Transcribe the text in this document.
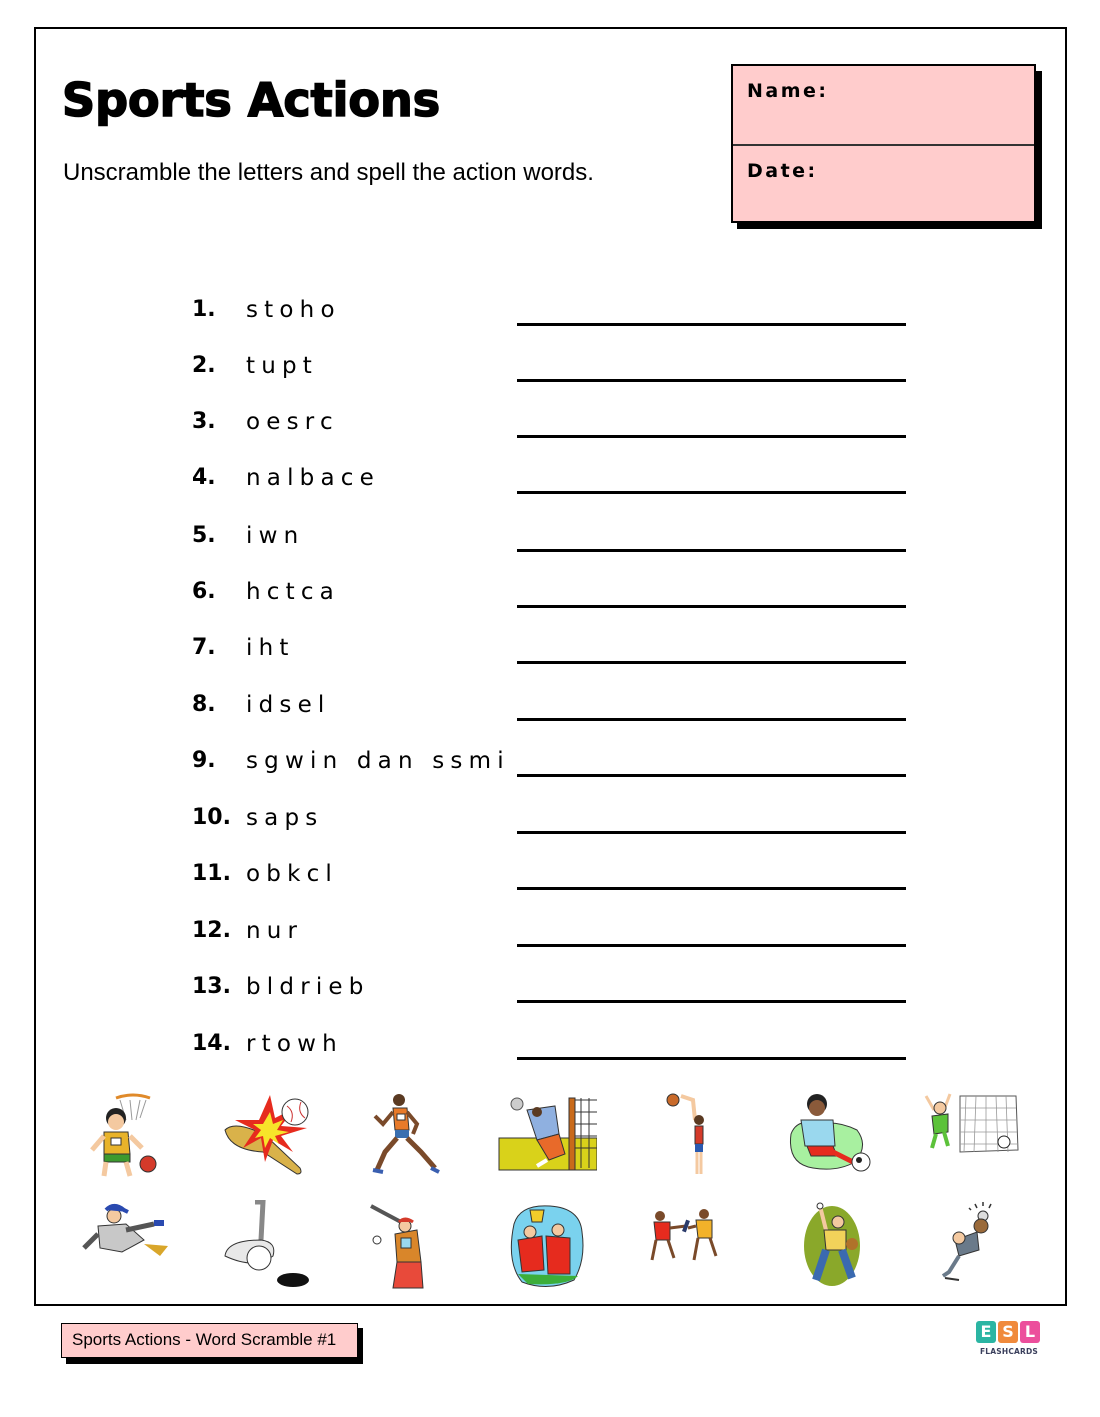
Sports Actions
Unscramble the letters and spell the action words.
Name:
Date:
1.	stoho
2.	tupt
3.	oesrc
4.	nalbace
5.	iwn
6.	hctca
7.	iht
8.	idsel
9.	sgwin dan ssmi
10. saps
11. obkcl
12. nur
13. bldrieb
14. rtowh
Sports Actions - Word Scramble #1	E S L
FLASHCARDS
